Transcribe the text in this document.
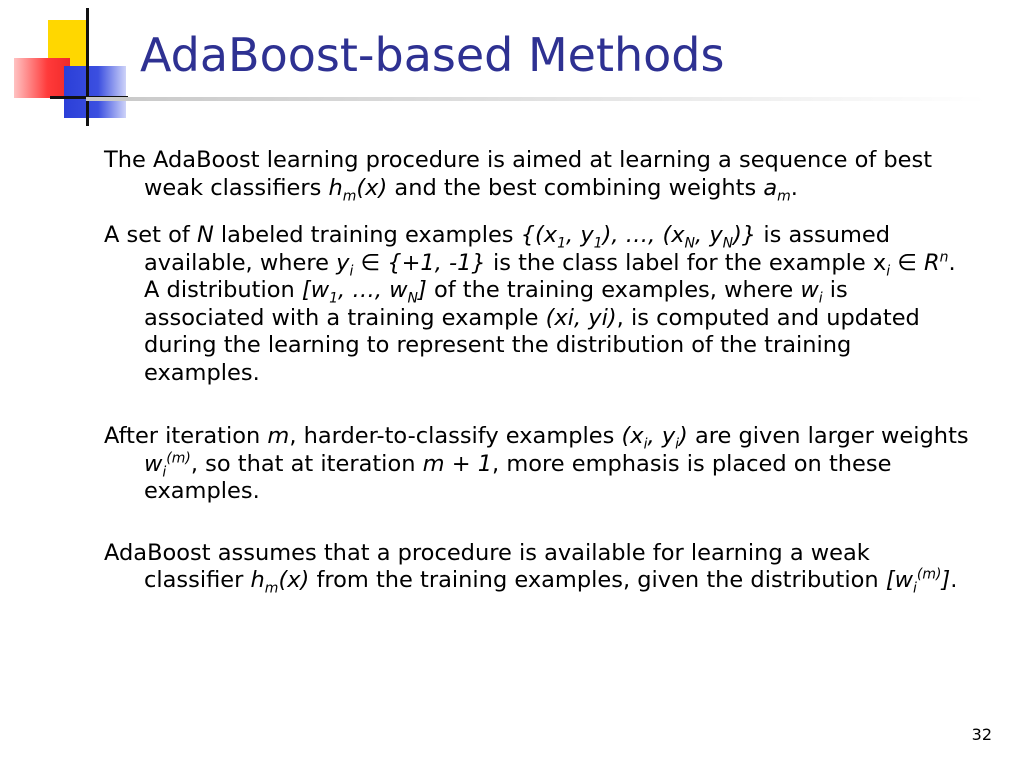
AdaBoost-based Methods

The AdaBoost learning procedure is aimed at learning a sequence of best weak classifiers $h_m(x)$ and the best combining weights $a_m$.

A set of N labeled training examples {($x_1$, $y_1$), …, ($x_N$, $y_N$)} is assumed available, where $y_i$ ∈ {+1, -1} is the class label for the example $x_i$ ∈ $R^n$. A distribution [$w_1$, …, $w_N$] of the training examples, where $w_i$ is associated with a training example (xi, yi), is computed and updated during the learning to represent the distribution of the training examples.

After iteration m, harder-to-classify examples ($x_i$, $y_i$) are given larger weights $w_i^{(m)}$, so that at iteration m + 1, more emphasis is placed on these examples.

AdaBoost assumes that a procedure is available for learning a weak classifier $h_m(x)$ from the training examples, given the distribution $[w_i^{(m)}]$.

32
